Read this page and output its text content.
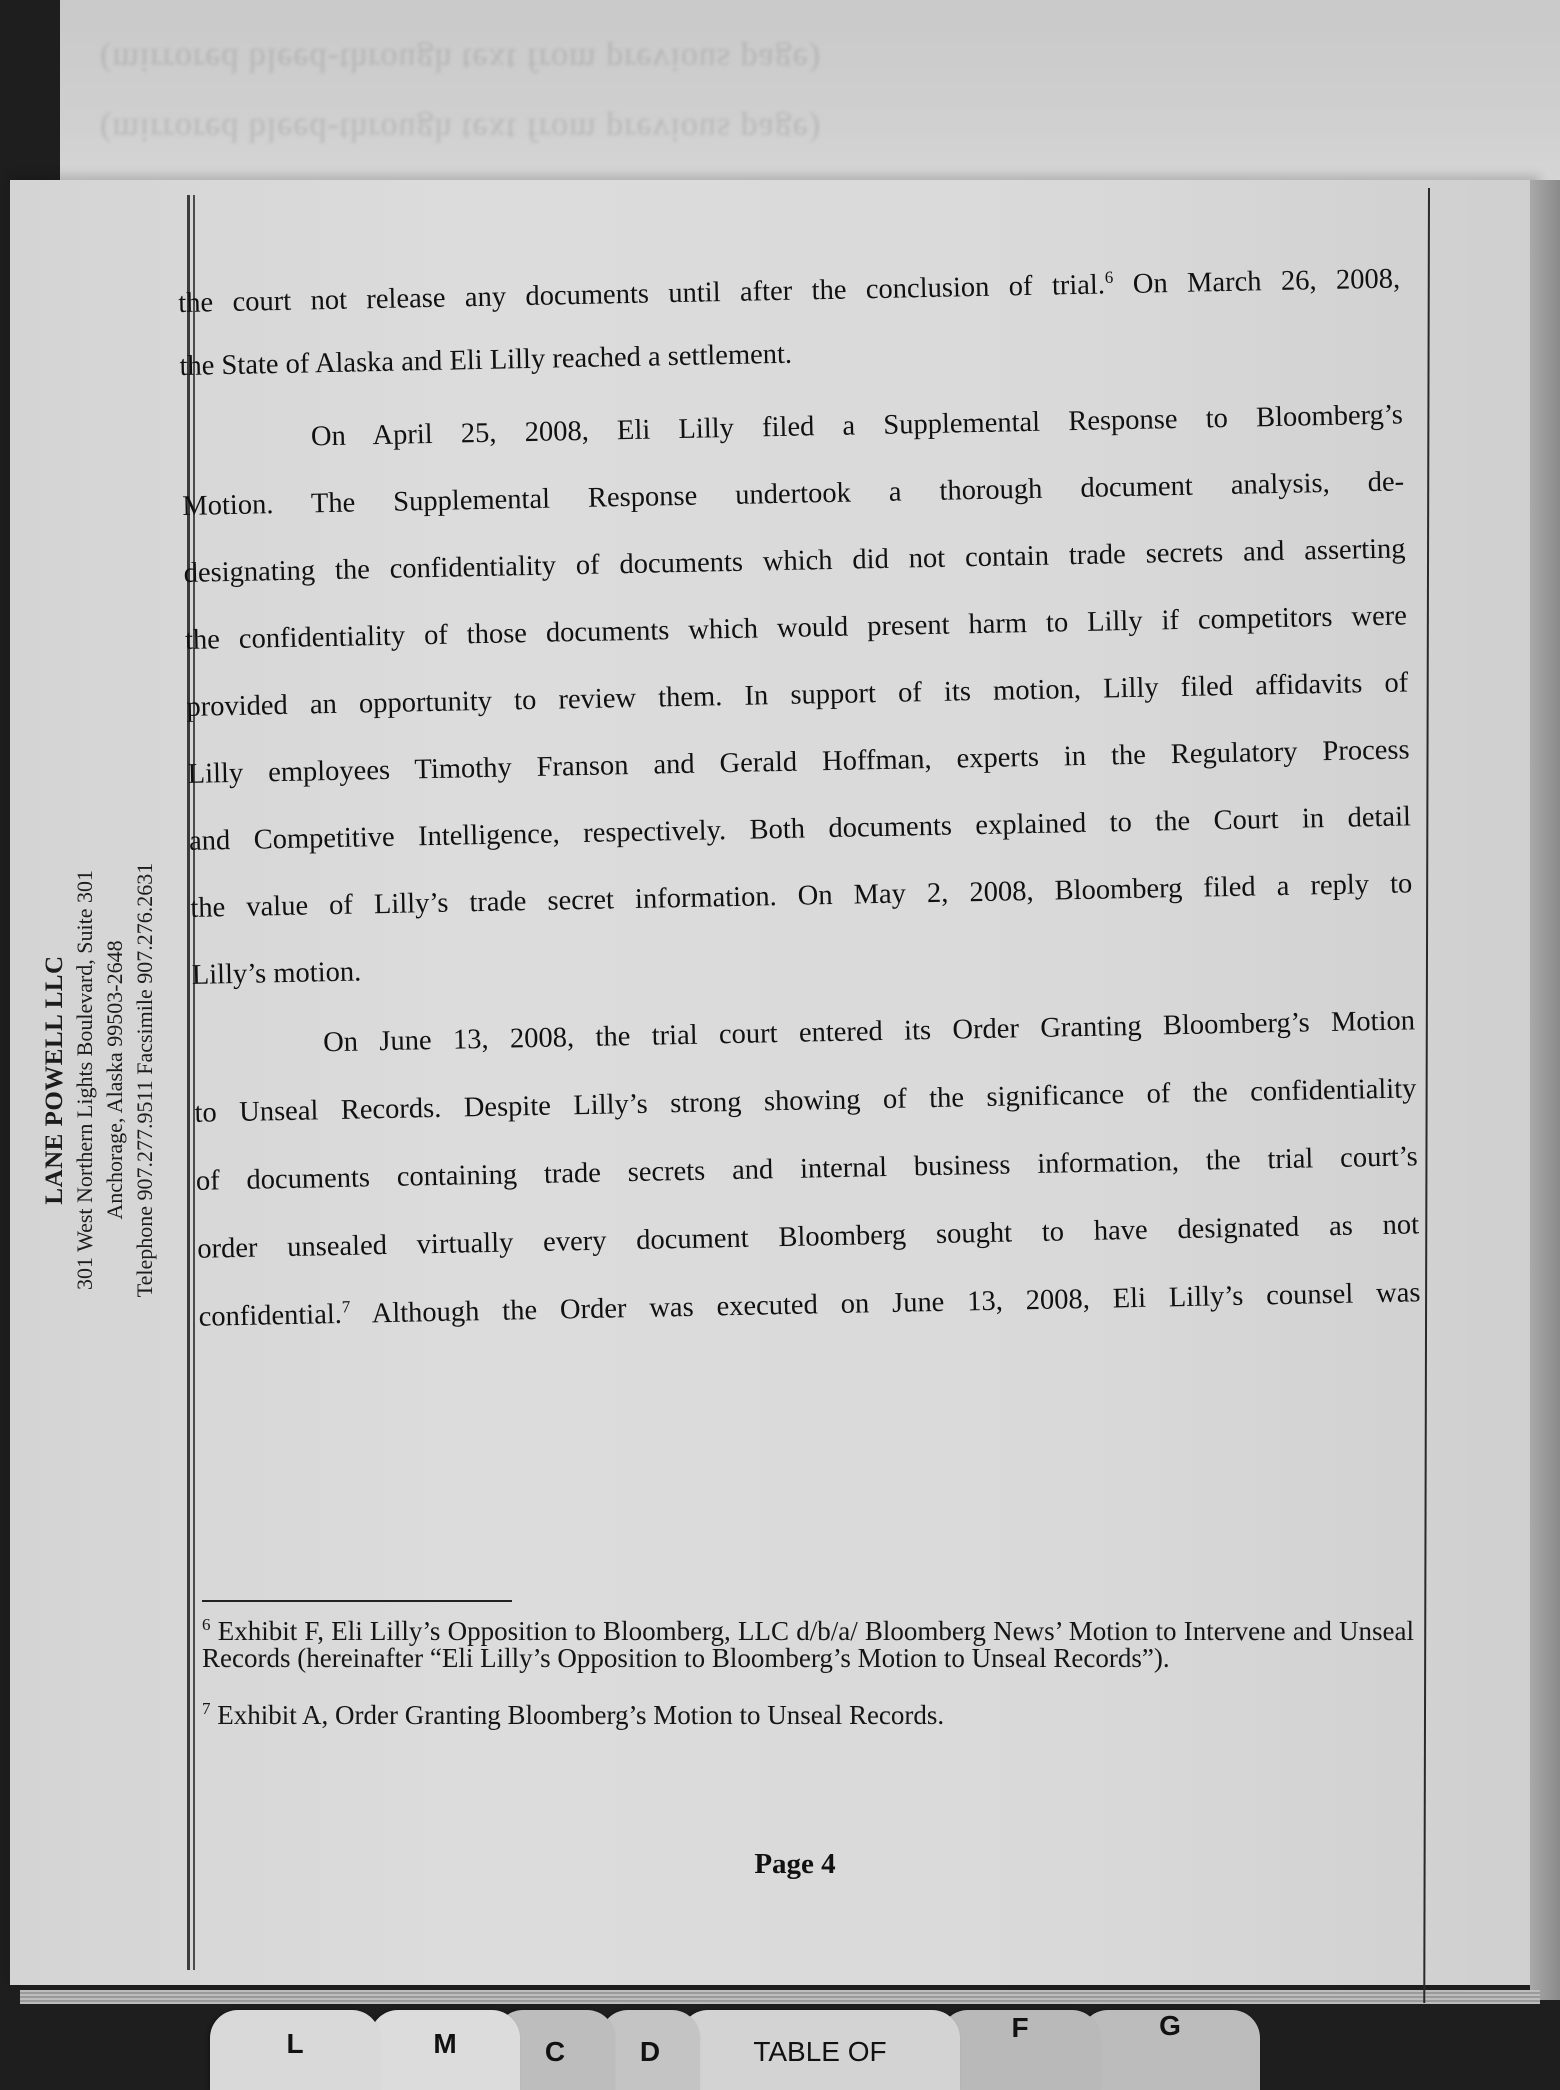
(mirrored bleed-through text from previous page)
(mirrored bleed-through text from previous page)
LANE POWELL LLC 301 West Northern Lights Boulevard, Suite 301 Anchorage, Alaska 99503-2648 Telephone 907.277.9511 Facsimile 907.276.2631
the court not release any documents until after the conclusion of trial.$^6$ On March 26, 2008,
the State of Alaska and Eli Lilly reached a settlement.
On April 25, 2008, Eli Lilly filed a Supplemental Response to Bloomberg’s
Motion. The Supplemental Response undertook a thorough document analysis, de-
designating the confidentiality of documents which did not contain trade secrets and asserting
the confidentiality of those documents which would present harm to Lilly if competitors were
provided an opportunity to review them. In support of its motion, Lilly filed affidavits of
Lilly employees Timothy Franson and Gerald Hoffman, experts in the Regulatory Process
and Competitive Intelligence, respectively. Both documents explained to the Court in detail
the value of Lilly’s trade secret information. On May 2, 2008, Bloomberg filed a reply to
Lilly’s motion.
On June 13, 2008, the trial court entered its Order Granting Bloomberg’s Motion
to Unseal Records. Despite Lilly’s strong showing of the significance of the confidentiality
of documents containing trade secrets and internal business information, the trial court’s
order unsealed virtually every document Bloomberg sought to have designated as not
confidential.$^7$ Although the Order was executed on June 13, 2008, Eli Lilly’s counsel was
$^6$ Exhibit F, Eli Lilly’s Opposition to Bloomberg, LLC d/b/a/ Bloomberg News’ Motion to Intervene and Unseal Records (hereinafter “Eli Lilly’s Opposition to Bloomberg’s Motion to Unseal Records”).
$^7$ Exhibit A, Order Granting Bloomberg’s Motion to Unseal Records.
Page 4
L	M	C	D	TABLE OF
F	G
